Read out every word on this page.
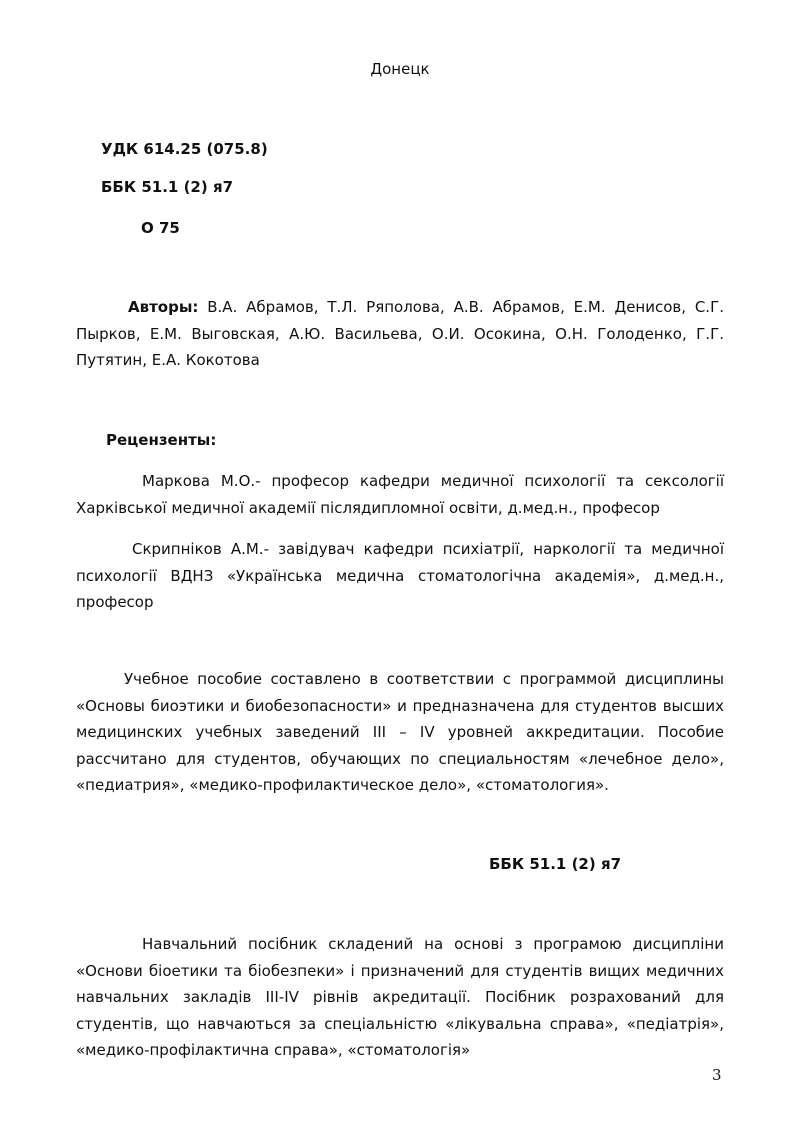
Донецк

УДК 614.25 (075.8)

ББК 51.1 (2) я7

О 75

Авторы: В.А. Абрамов, Т.Л. Ряполова, А.В. Абрамов, Е.М. Денисов, С.Г. Пырков, Е.М. Выговская, А.Ю. Васильева, О.И. Осокина, О.Н. Голоденко, Г.Г. Путятин, Е.А. Кокотова

Рецензенты:

Маркова М.О.- професор кафедри медичної психології та сексології Харківської медичної академії післядипломної освіти, д.мед.н., професор

Скрипніков А.М.- завідувач кафедри психіатрії, наркології та медичної психології ВДНЗ «Українська медична стоматологічна академія», д.мед.н., професор

Учебное пособие составлено в соответствии с программой дисциплины «Основы биоэтики и биобезопасности» и предназначена для студентов высших медицинских учебных заведений III – IV уровней аккредитации. Пособие рассчитано для студентов, обучающих по специальностям «лечебное дело», «педиатрия», «медико-профилактическое дело», «стоматология».

ББК 51.1 (2) я7

Навчальний посібник складений на основі з програмою дисципліни «Основи біоетики та біобезпеки» і призначений для студентів вищих медичних навчальних закладів III-IV рівнів акредитації. Посібник розрахований для студентів, що навчаються за спеціальністю «лікувальна справа», «педіатрія», «медико-профілактична справа», «стоматологія»

3
